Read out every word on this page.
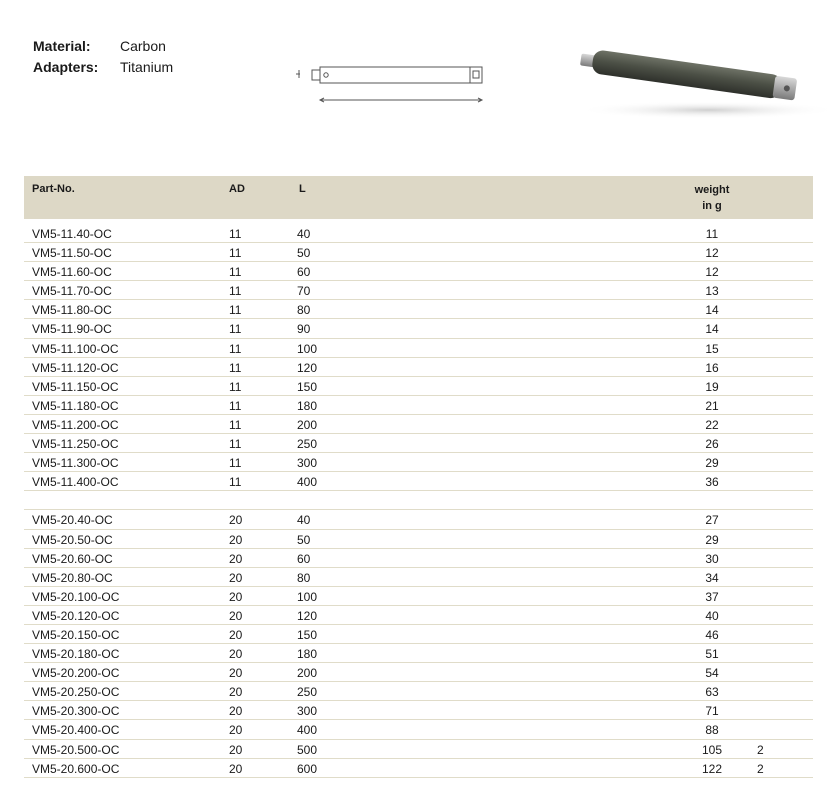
Material:	Carbon
Adapters:	Titanium
Part-No.	AD	L	weight
in g
VM5-11.40-OC	11	40	11
VM5-11.50-OC	11	50	12
VM5-11.60-OC	11	60	12
VM5-11.70-OC	11	70	13
VM5-11.80-OC	11	80	14
VM5-11.90-OC	11	90	14
VM5-11.100-OC	11	100	15
VM5-11.120-OC	11	120	16
VM5-11.150-OC	11	150	19
VM5-11.180-OC	11	180	21
VM5-11.200-OC	11	200	22
VM5-11.250-OC	11	250	26
VM5-11.300-OC	11	300	29
VM5-11.400-OC	11	400	36
VM5-20.40-OC	20	40	27
VM5-20.50-OC	20	50	29
VM5-20.60-OC	20	60	30
VM5-20.80-OC	20	80	34
VM5-20.100-OC	20	100	37
VM5-20.120-OC	20	120	40
VM5-20.150-OC	20	150	46
VM5-20.180-OC	20	180	51
VM5-20.200-OC	20	200	54
VM5-20.250-OC	20	250	63
VM5-20.300-OC	20	300	71
VM5-20.400-OC	20	400	88
VM5-20.500-OC	20	500	105	2
VM5-20.600-OC	20	600	122	2
